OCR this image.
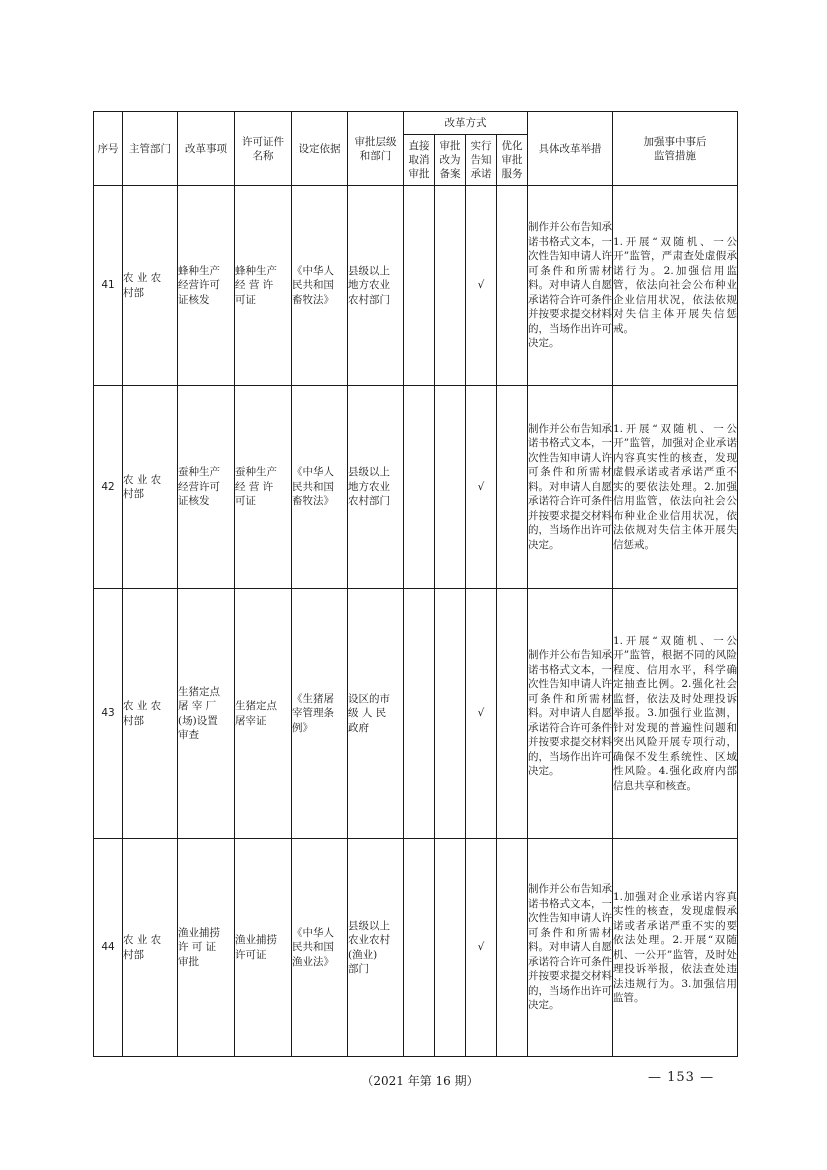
序号	主管部门	改革事项	许可证件
名称	设定依据	审批层级
和部门	改革方式				具体改革举措	加强事中事后
监管措施
						直接
取消
审批	审批
改为
备案	实行
告知
承诺	优化
审批
服务		
41	农 业 农
村部	蜂种生产
经营许可
证核发	蜂种生产
经 营 许
可证	《中华人
民共和国
畜牧法》	县级以上
地方农业
农村部门			√		制作并公布告知承诺书格式文本，一次性告知申请人许可条件和所需材料。对申请人自愿承诺符合许可条件并按要求提交材料的，当场作出许可决定。	1.开展“双随机、一公开”监管，严肃查处虚假承诺行为。2.加强信用监管，依法向社会公布种业企业信用状况，依法依规对失信主体开展失信惩戒。
42	农 业 农
村部	蚕种生产
经营许可
证核发	蚕种生产
经 营 许
可证	《中华人
民共和国
畜牧法》	县级以上
地方农业
农村部门			√		制作并公布告知承诺书格式文本，一次性告知申请人许可条件和所需材料。对申请人自愿承诺符合许可条件并按要求提交材料的，当场作出许可决定。	1.开展“双随机、一公开”监管，加强对企业承诺内容真实性的核查，发现虚假承诺或者承诺严重不实的要依法处理。2.加强信用监管，依法向社会公布种业企业信用状况，依法依规对失信主体开展失信惩戒。
43	农 业 农
村部	生猪定点
屠 宰 厂
(场)设置
审查	生猪定点
屠宰证	《生猪屠
宰管理条
例》	设区的市
级 人 民
政府			√		制作并公布告知承诺书格式文本，一次性告知申请人许可条件和所需材料。对申请人自愿承诺符合许可条件并按要求提交材料的，当场作出许可决定。	1.开展“双随机、一公开”监管，根据不同的风险程度、信用水平，科学确定抽查比例。2.强化社会监督，依法及时处理投诉举报。3.加强行业监测，针对发现的普遍性问题和突出风险开展专项行动，确保不发生系统性、区域性风险。4.强化政府内部信息共享和核查。
44	农 业 农
村部	渔业捕捞
许 可 证
审批	渔业捕捞
许可证	《中华人
民共和国
渔业法》	县级以上
农业农村
(渔业)
部门			√		制作并公布告知承诺书格式文本，一次性告知申请人许可条件和所需材料。对申请人自愿承诺符合许可条件并按要求提交材料的，当场作出许可决定。	1.加强对企业承诺内容真实性的核查，发现虚假承诺或者承诺严重不实的要依法处理。2.开展“双随机、一公开”监管，及时处理投诉举报，依法查处违法违规行为。3.加强信用监管。
（2021 年第 16 期）	— 153 —
